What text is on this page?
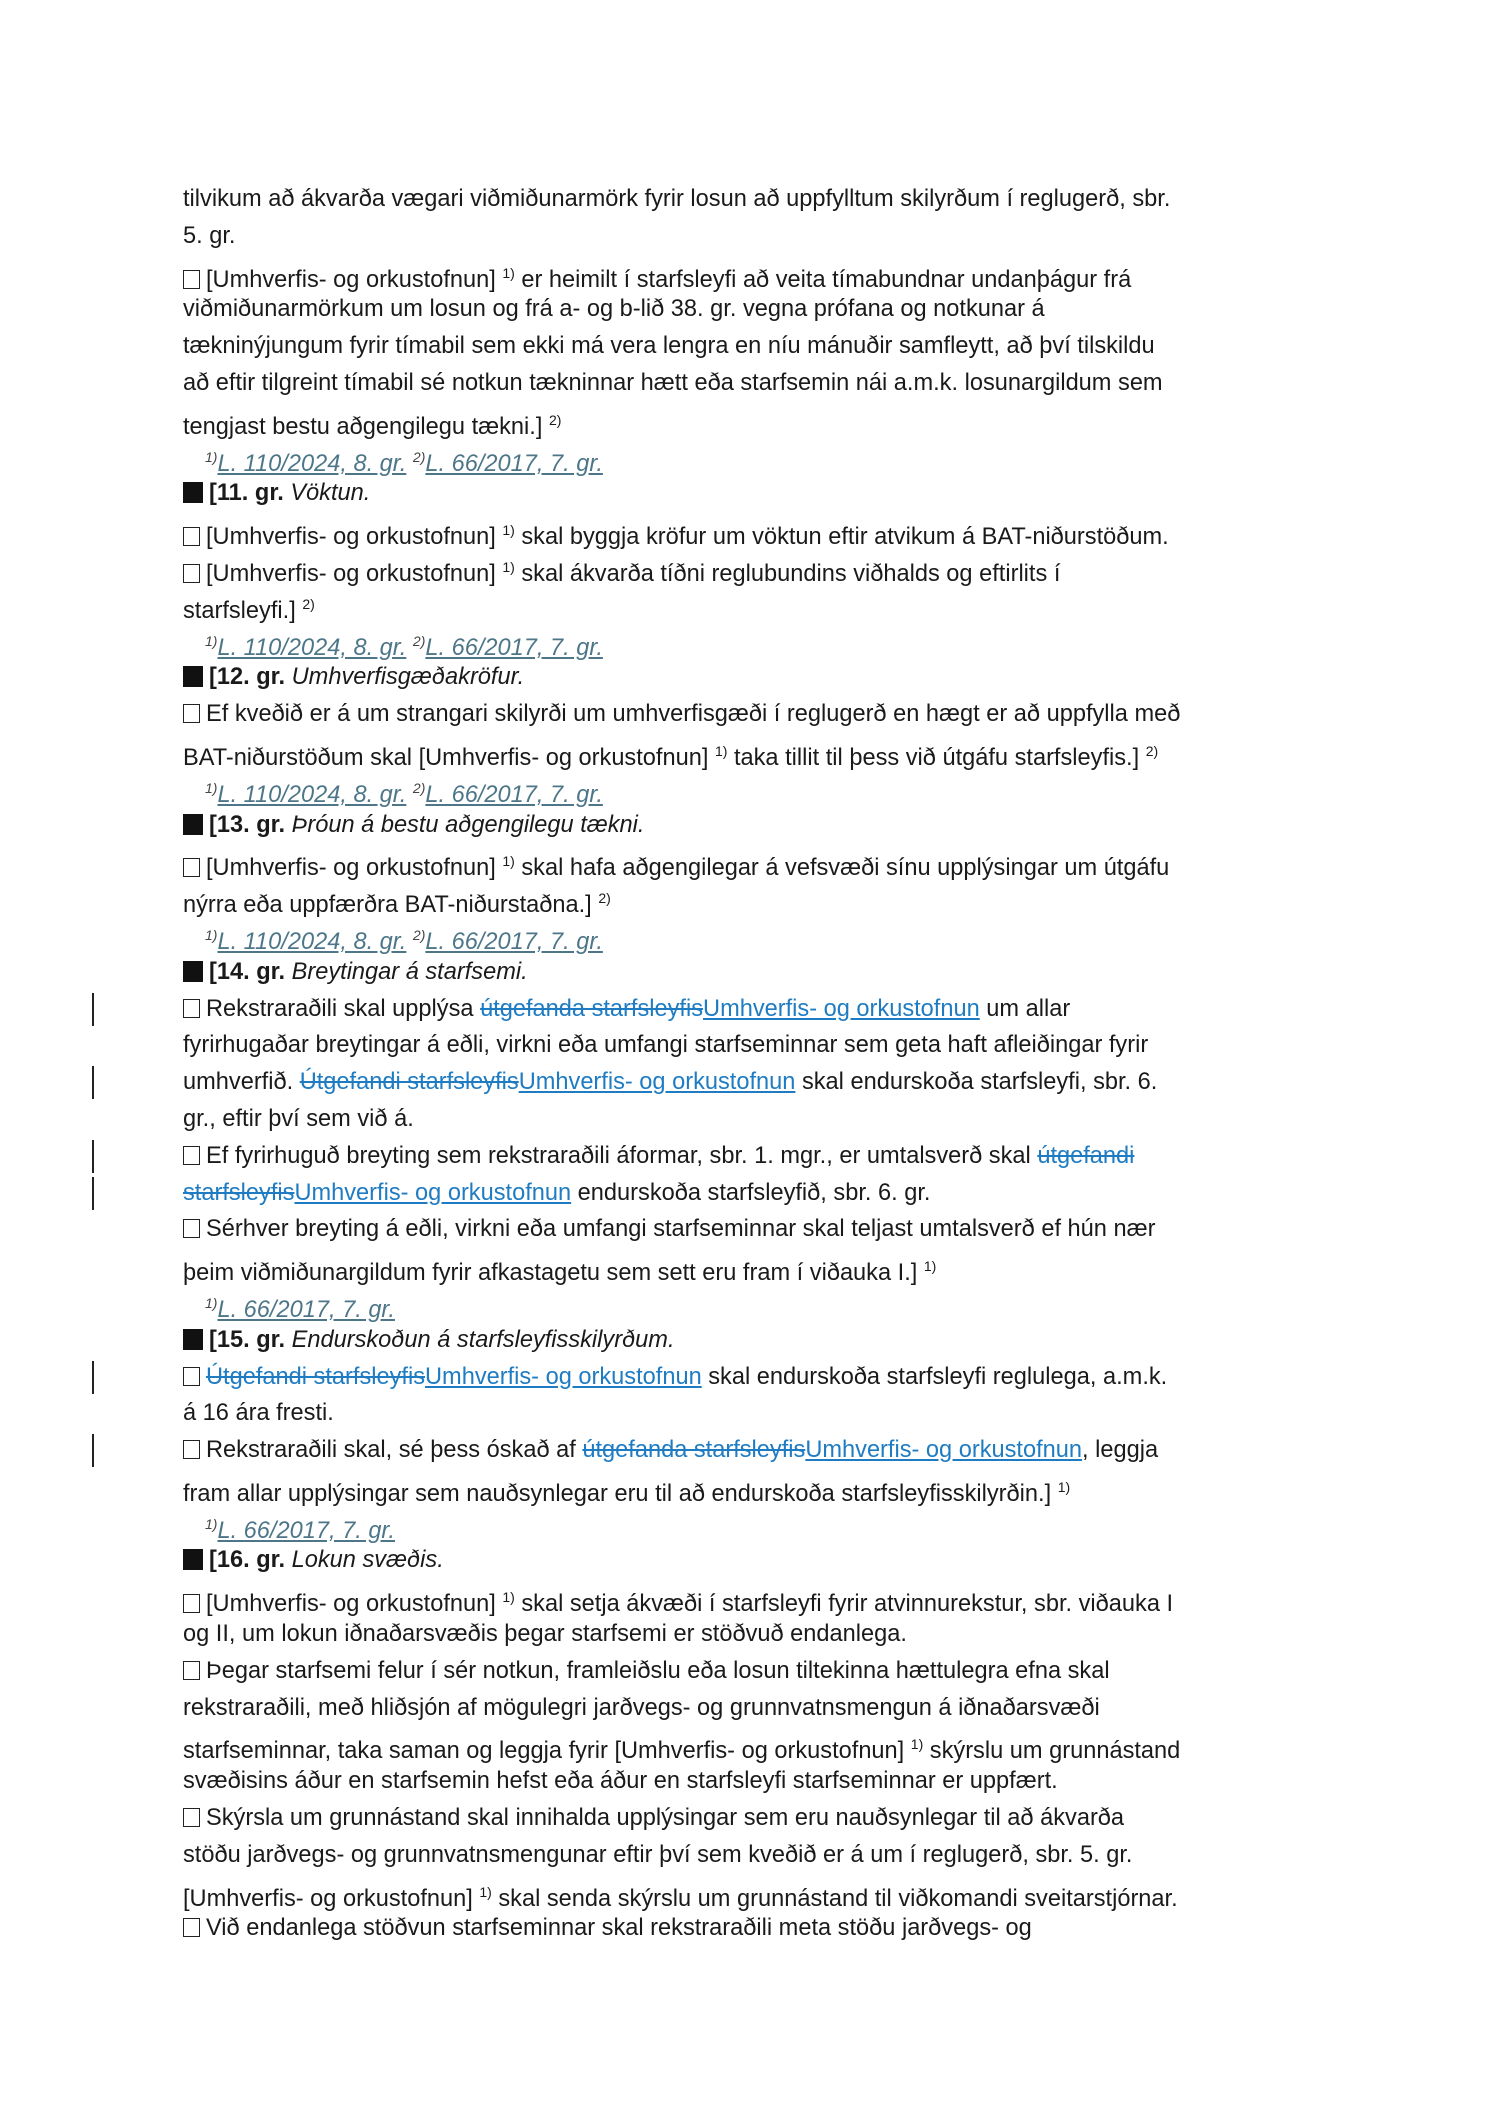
tilvikum að ákvarða vægari viðmiðunarmörk fyrir losun að uppfylltum skilyrðum í reglugerð, sbr.
5. gr.
[Umhverfis- og orkustofnun] $^{1)}$ er heimilt í starfsleyfi að veita tímabundnar undanþágur frá
viðmiðunarmörkum um losun og frá a- og b-lið 38. gr. vegna prófana og notkunar á
tækninýjungum fyrir tímabil sem ekki má vera lengra en níu mánuðir samfleytt, að því tilskildu
að eftir tilgreint tímabil sé notkun tækninnar hætt eða starfsemin nái a.m.k. losunargildum sem
tengjast bestu aðgengilegu tækni.] $^{2)}$
$^{1)}$L. 110/2024, 8. gr. $^{2)}$L. 66/2017, 7. gr.
[11. gr. Vöktun.
[Umhverfis- og orkustofnun] $^{1)}$ skal byggja kröfur um vöktun eftir atvikum á BAT-niðurstöðum.
[Umhverfis- og orkustofnun] $^{1)}$ skal ákvarða tíðni reglubundins viðhalds og eftirlits í
starfsleyfi.] $^{2)}$
$^{1)}$L. 110/2024, 8. gr. $^{2)}$L. 66/2017, 7. gr.
[12. gr. Umhverfisgæðakröfur.
Ef kveðið er á um strangari skilyrði um umhverfisgæði í reglugerð en hægt er að uppfylla með
BAT-niðurstöðum skal [Umhverfis- og orkustofnun] $^{1)}$ taka tillit til þess við útgáfu starfsleyfis.] $^{2)}$
$^{1)}$L. 110/2024, 8. gr. $^{2)}$L. 66/2017, 7. gr.
[13. gr. Þróun á bestu aðgengilegu tækni.
[Umhverfis- og orkustofnun] $^{1)}$ skal hafa aðgengilegar á vefsvæði sínu upplýsingar um útgáfu
nýrra eða uppfærðra BAT-niðurstaðna.] $^{2)}$
$^{1)}$L. 110/2024, 8. gr. $^{2)}$L. 66/2017, 7. gr.
[14. gr. Breytingar á starfsemi.
Rekstraraðili skal upplýsa útgefanda starfsleyfisUmhverfis- og orkustofnun um allar
fyrirhugaðar breytingar á eðli, virkni eða umfangi starfseminnar sem geta haft afleiðingar fyrir
umhverfið. Útgefandi starfsleyfisUmhverfis- og orkustofnun skal endurskoða starfsleyfi, sbr. 6.
gr., eftir því sem við á.
Ef fyrirhuguð breyting sem rekstraraðili áformar, sbr. 1. mgr., er umtalsverð skal útgefandi
starfsleyfisUmhverfis- og orkustofnun endurskoða starfsleyfið, sbr. 6. gr.
Sérhver breyting á eðli, virkni eða umfangi starfseminnar skal teljast umtalsverð ef hún nær
þeim viðmiðunargildum fyrir afkastagetu sem sett eru fram í viðauka I.] $^{1)}$
$^{1)}$L. 66/2017, 7. gr.
[15. gr. Endurskoðun á starfsleyfisskilyrðum.
Útgefandi starfsleyfisUmhverfis- og orkustofnun skal endurskoða starfsleyfi reglulega, a.m.k.
á 16 ára fresti.
Rekstraraðili skal, sé þess óskað af útgefanda starfsleyfisUmhverfis- og orkustofnun, leggja
fram allar upplýsingar sem nauðsynlegar eru til að endurskoða starfsleyfisskilyrðin.] $^{1)}$
$^{1)}$L. 66/2017, 7. gr.
[16. gr. Lokun svæðis.
[Umhverfis- og orkustofnun] $^{1)}$ skal setja ákvæði í starfsleyfi fyrir atvinnurekstur, sbr. viðauka I
og II, um lokun iðnaðarsvæðis þegar starfsemi er stöðvuð endanlega.
Þegar starfsemi felur í sér notkun, framleiðslu eða losun tiltekinna hættulegra efna skal
rekstraraðili, með hliðsjón af mögulegri jarðvegs- og grunnvatnsmengun á iðnaðarsvæði
starfseminnar, taka saman og leggja fyrir [Umhverfis- og orkustofnun] $^{1)}$ skýrslu um grunnástand
svæðisins áður en starfsemin hefst eða áður en starfsleyfi starfseminnar er uppfært.
Skýrsla um grunnástand skal innihalda upplýsingar sem eru nauðsynlegar til að ákvarða
stöðu jarðvegs- og grunnvatnsmengunar eftir því sem kveðið er á um í reglugerð, sbr. 5. gr.
[Umhverfis- og orkustofnun] $^{1)}$ skal senda skýrslu um grunnástand til viðkomandi sveitarstjórnar.
Við endanlega stöðvun starfseminnar skal rekstraraðili meta stöðu jarðvegs- og
